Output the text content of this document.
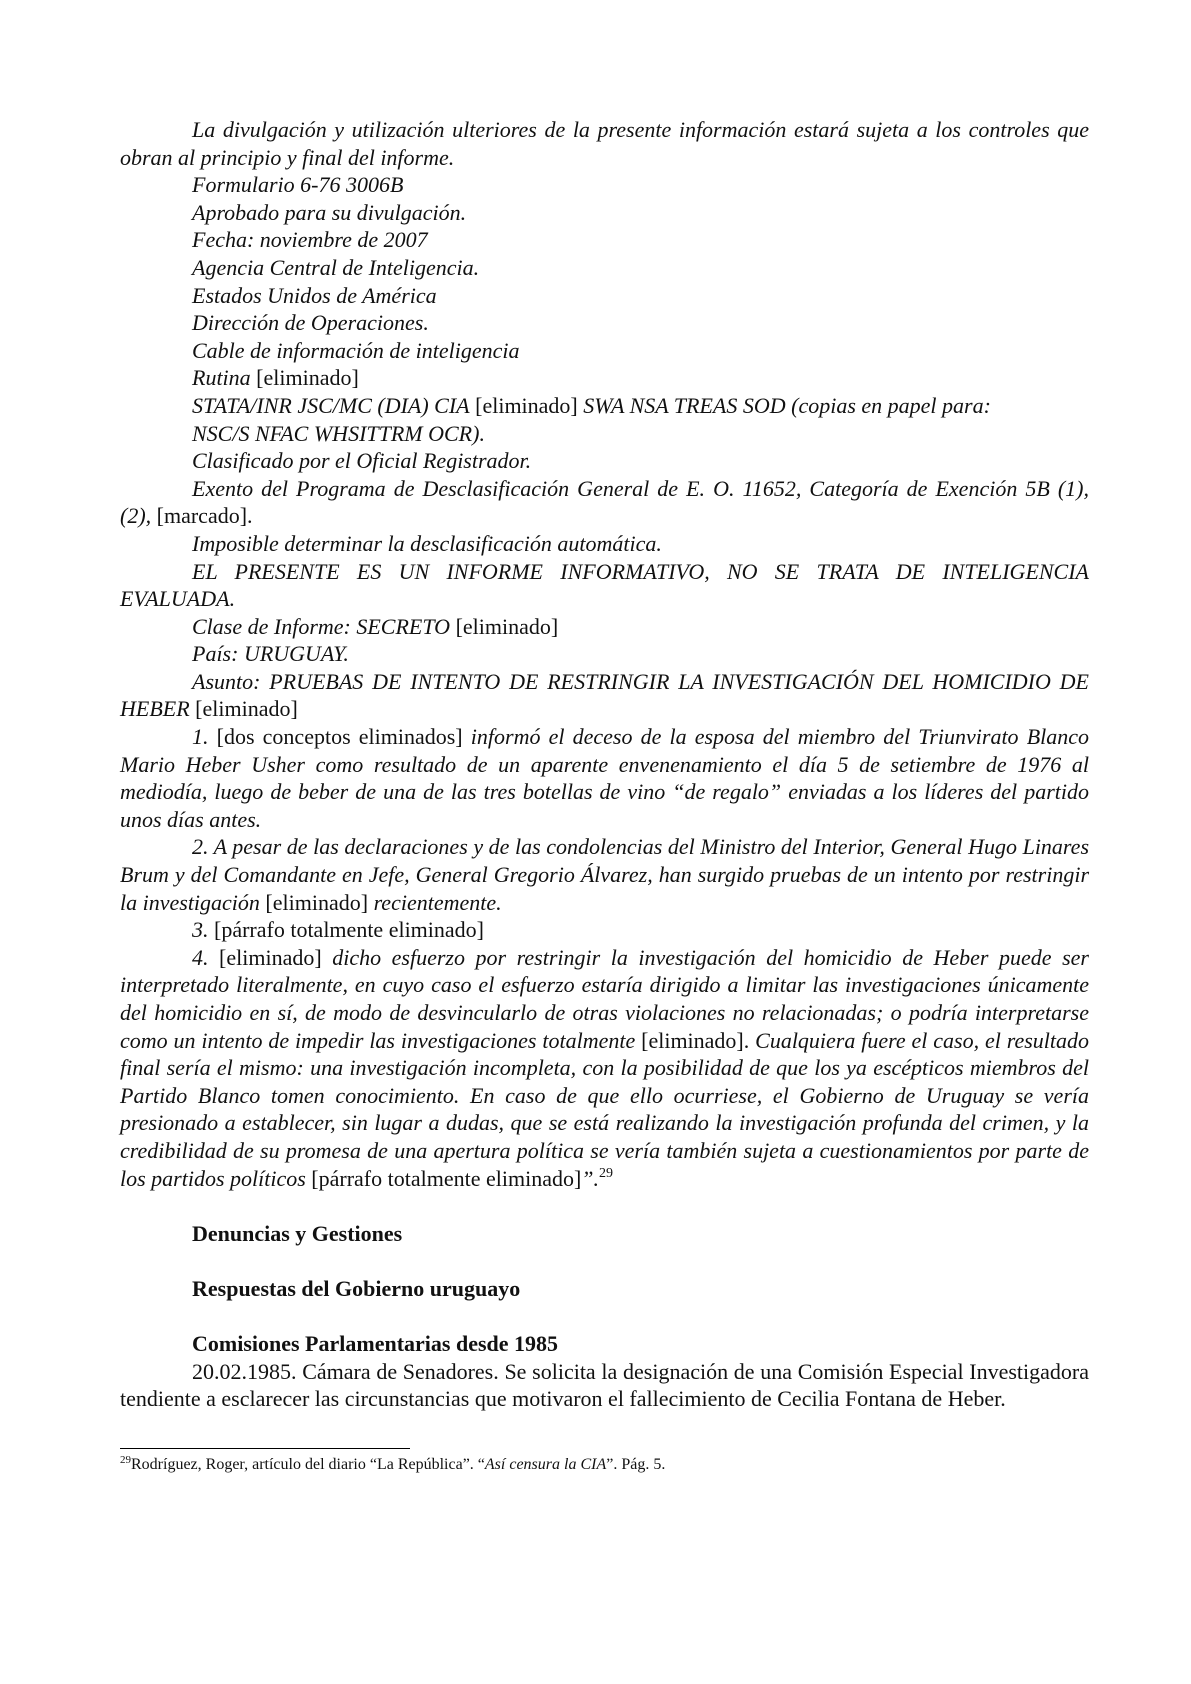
La divulgación y utilización ulteriores de la presente información estará sujeta a los controles que obran al principio y final del informe.

Formulario 6-76 3006B

Aprobado para su divulgación.

Fecha: noviembre de 2007

Agencia Central de Inteligencia.

Estados Unidos de América

Dirección de Operaciones.

Cable de información de inteligencia

Rutina [eliminado]

STATA/INR JSC/MC (DIA) CIA [eliminado] SWA NSA TREAS SOD (copias en papel para:

NSC/S NFAC WHSITTRM OCR).

Clasificado por el Oficial Registrador.

Exento del Programa de Desclasificación General de E. O. 11652, Categoría de Exención 5B (1), (2), [marcado].

Imposible determinar la desclasificación automática.

EL PRESENTE ES UN INFORME INFORMATIVO, NO SE TRATA DE INTELIGENCIA EVALUADA.

Clase de Informe: SECRETO [eliminado]

País: URUGUAY.

Asunto: PRUEBAS DE INTENTO DE RESTRINGIR LA INVESTIGACIÓN DEL HOMICIDIO DE HEBER [eliminado]

1. [dos conceptos eliminados] informó el deceso de la esposa del miembro del Triunvirato Blanco Mario Heber Usher como resultado de un aparente envenenamiento el día 5 de setiembre de 1976 al mediodía, luego de beber de una de las tres botellas de vino “de regalo” enviadas a los líderes del partido unos días antes.

2. A pesar de las declaraciones y de las condolencias del Ministro del Interior, General Hugo Linares Brum y del Comandante en Jefe, General Gregorio Álvarez, han surgido pruebas de un intento por restringir la investigación [eliminado] recientemente.

3. [párrafo totalmente eliminado]

4. [eliminado] dicho esfuerzo por restringir la investigación del homicidio de Heber puede ser interpretado literalmente, en cuyo caso el esfuerzo estaría dirigido a limitar las investigaciones únicamente del homicidio en sí, de modo de desvincularlo de otras violaciones no relacionadas; o podría interpretarse como un intento de impedir las investigaciones totalmente [eliminado]. Cualquiera fuere el caso, el resultado final sería el mismo: una investigación incompleta, con la posibilidad de que los ya escépticos miembros del Partido Blanco tomen conocimiento. En caso de que ello ocurriese, el Gobierno de Uruguay se vería presionado a establecer, sin lugar a dudas, que se está realizando la investigación profunda del crimen, y la credibilidad de su promesa de una apertura política se vería también sujeta a cuestionamientos por parte de los partidos políticos [párrafo totalmente eliminado]”.$^{29}$

Denuncias y Gestiones

Respuestas del Gobierno uruguayo

Comisiones Parlamentarias desde 1985

20.02.1985. Cámara de Senadores. Se solicita la designación de una Comisión Especial Investigadora tendiente a esclarecer las circunstancias que motivaron el fallecimiento de Cecilia Fontana de Heber.

$^{29}$Rodríguez, Roger, artículo del diario “La República”. “Así censura la CIA”. Pág. 5.
